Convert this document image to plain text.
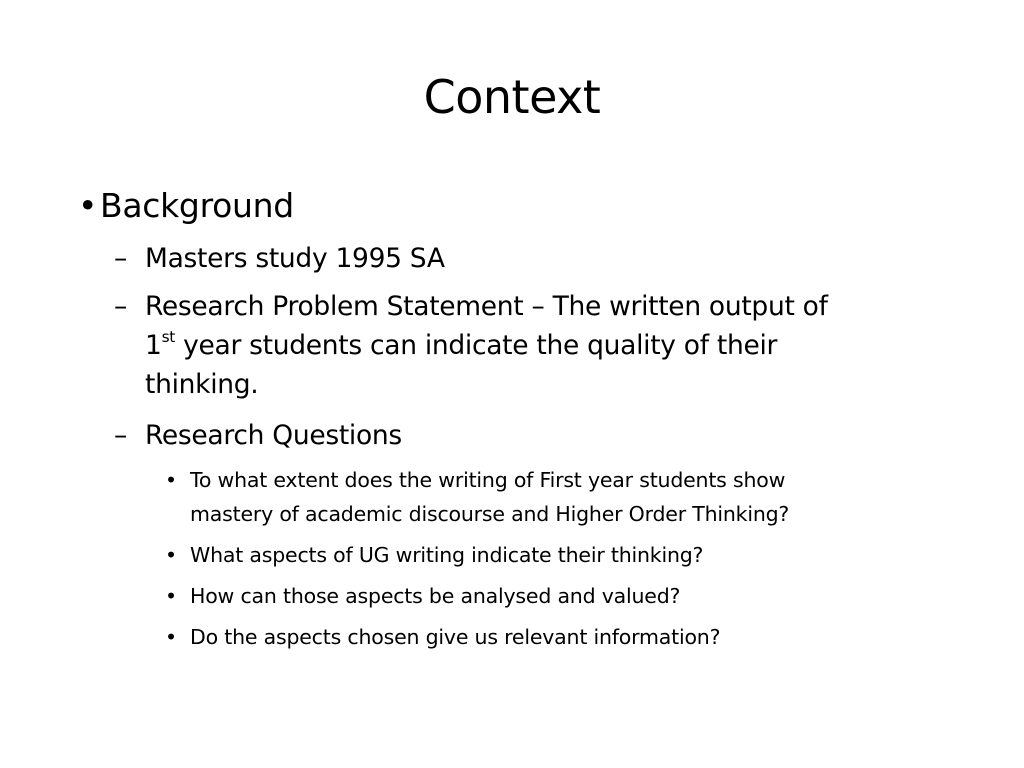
Context
• Background
– Masters study 1995 SA
– Research Problem Statement – The written output of
1st year students can indicate the quality of their
thinking.
– Research Questions
• To what extent does the writing of First year students show
mastery of academic discourse and Higher Order Thinking?
• What aspects of UG writing indicate their thinking?
• How can those aspects be analysed and valued?
• Do the aspects chosen give us relevant information?
